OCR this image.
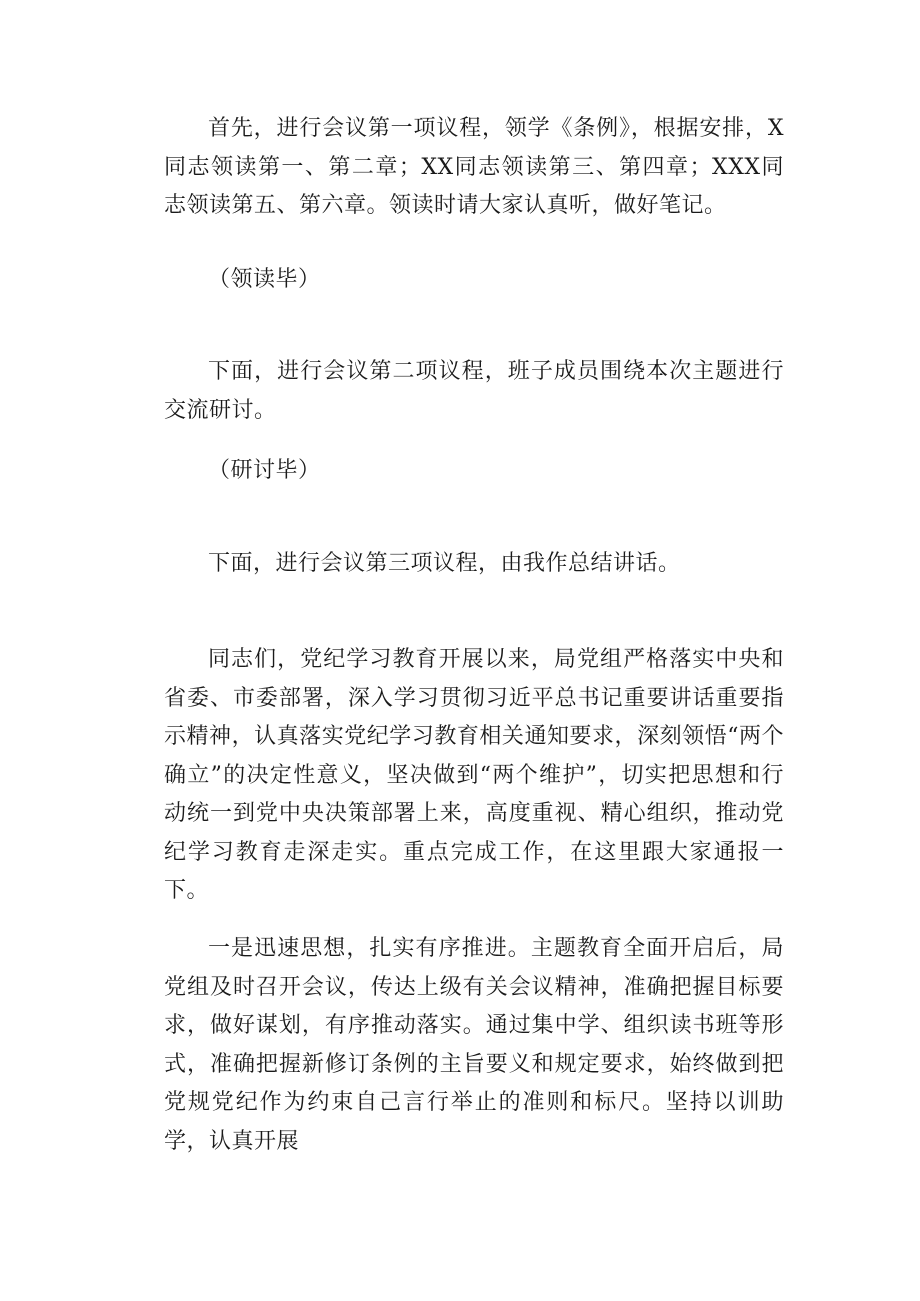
首先，进行会议第一项议程，领学《条例》，根据安排，X同志领读第一、第二章；XX同志领读第三、第四章；XXX同志领读第五、第六章。领读时请大家认真听，做好笔记。

（领读毕）

下面，进行会议第二项议程，班子成员围绕本次主题进行交流研讨。

（研讨毕）

下面，进行会议第三项议程，由我作总结讲话。

同志们，党纪学习教育开展以来，局党组严格落实中央和省委、市委部署，深入学习贯彻习近平总书记重要讲话重要指示精神，认真落实党纪学习教育相关通知要求，深刻领悟“两个确立”的决定性意义，坚决做到“两个维护”，切实把思想和行动统一到党中央决策部署上来，高度重视、精心组织，推动党纪学习教育走深走实。重点完成工作，在这里跟大家通报一下。

一是迅速思想，扎实有序推进。主题教育全面开启后，局党组及时召开会议，传达上级有关会议精神，准确把握目标要求，做好谋划，有序推动落实。通过集中学、组织读书班等形式，准确把握新修订条例的主旨要义和规定要求，始终做到把党规党纪作为约束自己言行举止的准则和标尺。坚持以训助学，认真开展
